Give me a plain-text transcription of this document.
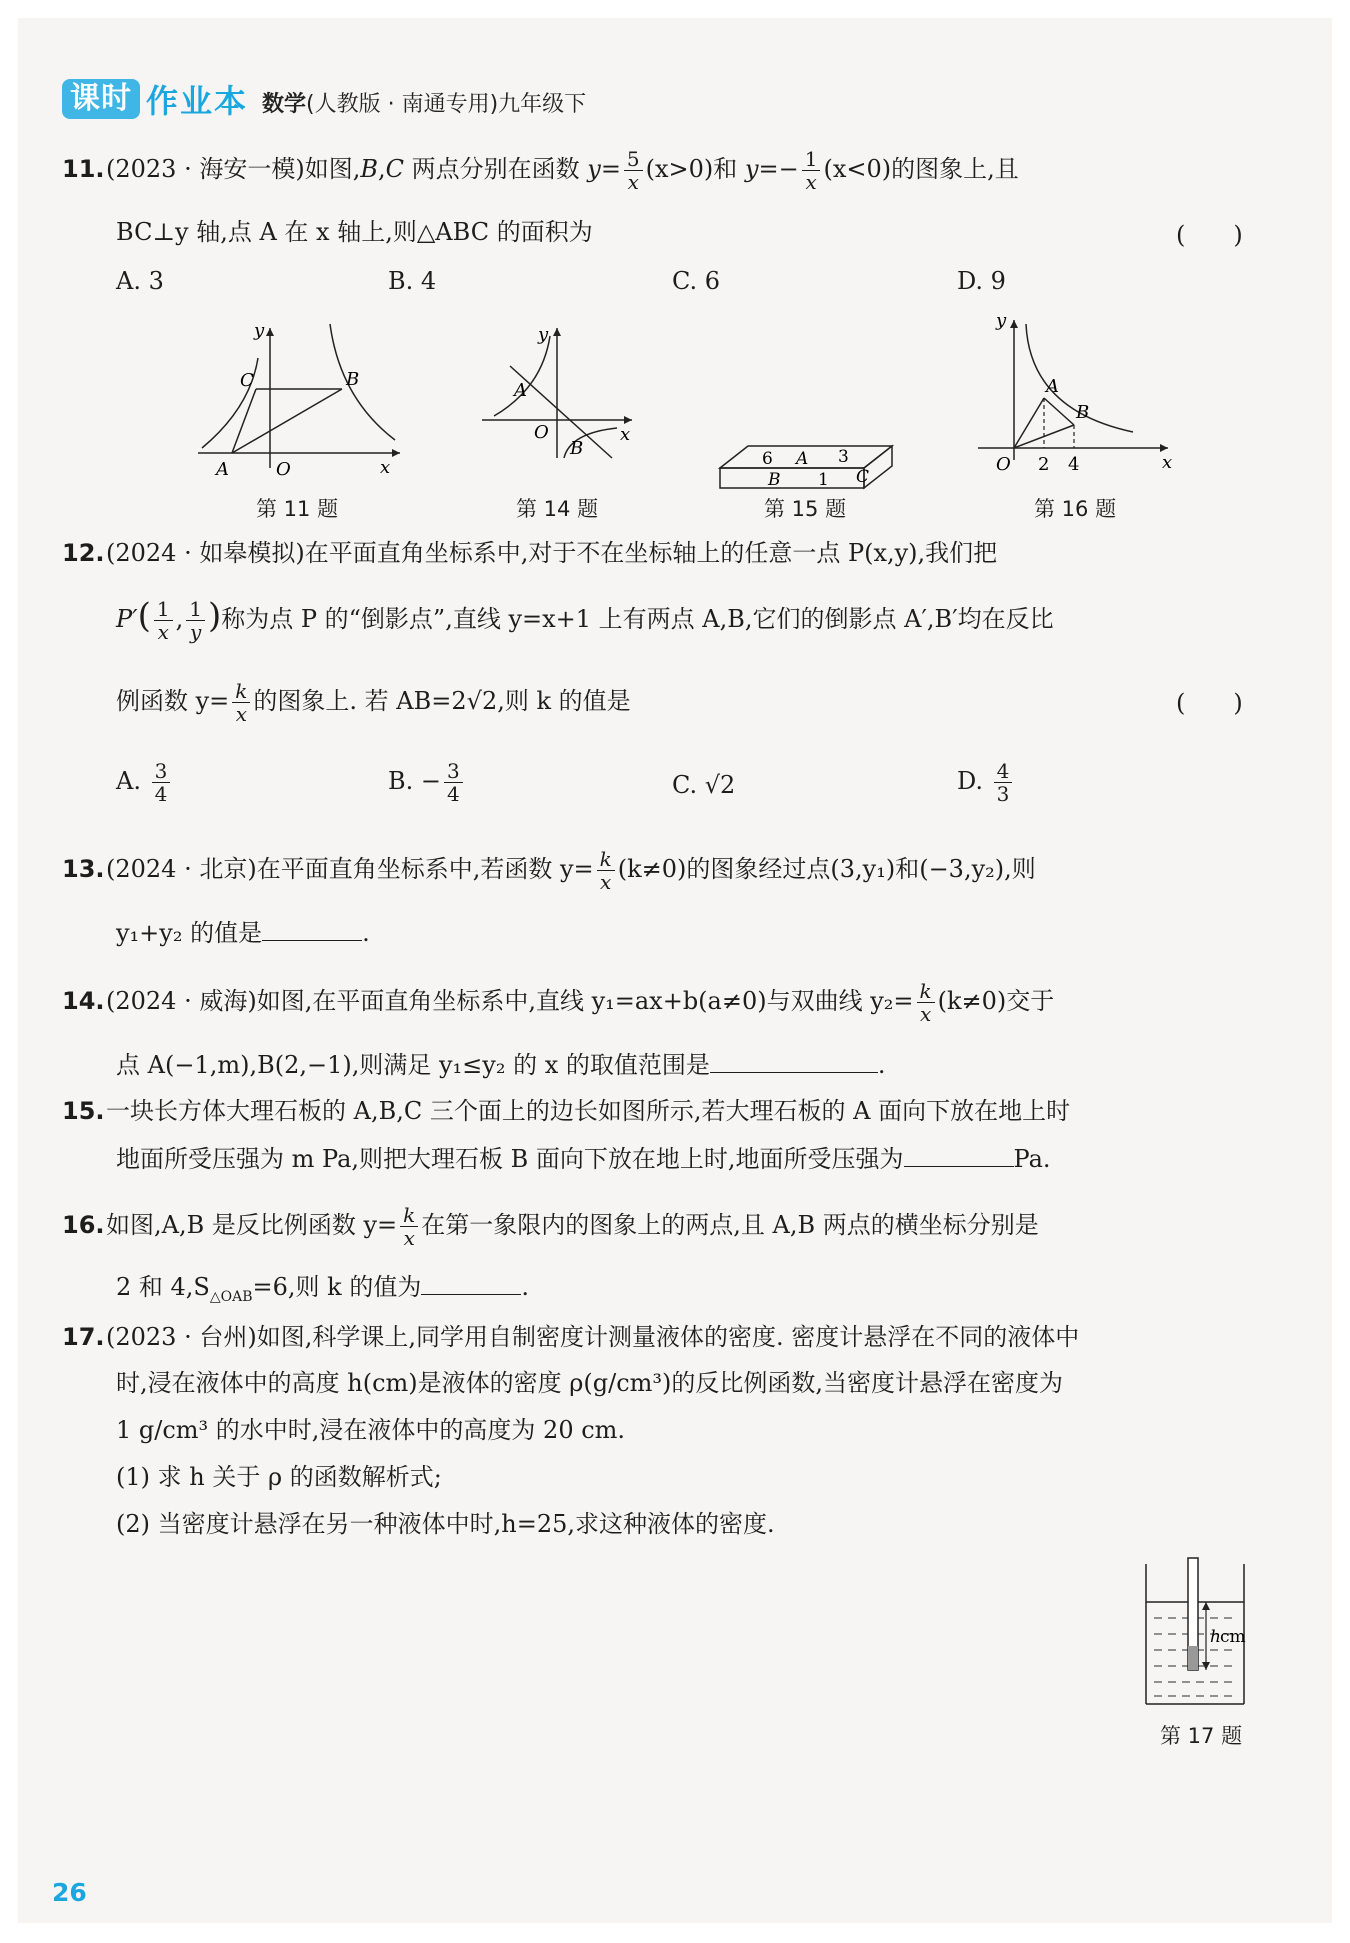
课时 作业本 数学(人教版 · 南通专用)九年级下
11.(2023 · 海安一模)如图,B,C 两点分别在函数 $y= \frac{5}{x} (x>0)$和 $y=- \frac{1}{x} (x<0)$的图象上,且
BC⊥y 轴,点 A 在 x 轴上,则△ABC 的面积为	(　　)
A. 3	B. 4	C. 6	D. 9
y
C	B
A	O	x
第 11 题
y
A
O
B
x
第 14 题
6 A 3
B 1 C
第 15 题
y
A
B
O 2 4	x
第 16 题
12.(2024 · 如皋模拟)在平面直角坐标系中,对于不在坐标轴上的任意一点 P(x,y),我们把
$P'( \frac{1}{x}$ , $\frac{1}{y}$ )称为点 P 的“倒影点”,直线 y=x+1 上有两点 A,B,它们的倒影点 A′,B′均在反比
例函数 $y= \frac{k}{x}$ 的图象上. 若 AB=2√2,则 k 的值是	(　　)
A. $\frac{3}{4}$	B. − $\frac{3}{4}$	C. √2	D. $\frac{4}{3}$
13.(2024 · 北京)在平面直角坐标系中,若函数 $y= \frac{k}{x} (k\ne 0)$的图象经过点(3,y₁)和(−3,y₂),则
y₁+y₂ 的值是	.
14.(2024 · 威海)如图,在平面直角坐标系中,直线 y₁=ax+b(a≠0)与双曲线 $y_2= \frac{k}{x} (k\ne 0)$交于
点 A(−1,m),B(2,−1),则满足 y₁≤y₂ 的 x 的取值范围是	.
15.一块长方体大理石板的 A,B,C 三个面上的边长如图所示,若大理石板的 A 面向下放在地上时
地面所受压强为 m Pa,则把大理石板 B 面向下放在地上时,地面所受压强为	Pa.
16.如图,A,B 是反比例函数 $y= \frac{k}{x}$ 在第一象限内的图象上的两点,且 A,B 两点的横坐标分别是
2 和 $4,S_{\triangle OAB}=6$,则 k 的值为	.
17.(2023 · 台州)如图,科学课上,同学用自制密度计测量液体的密度. 密度计悬浮在不同的液体中
时,浸在液体中的高度 h(cm)是液体的密度 ρ(g/cm³)的反比例函数,当密度计悬浮在密度为
1 g/cm³ 的水中时,浸在液体中的高度为 20 cm.
(1) 求 h 关于 ρ 的函数解析式;
(2) 当密度计悬浮在另一种液体中时,h=25,求这种液体的密度.
h cm
第 17 题
26
